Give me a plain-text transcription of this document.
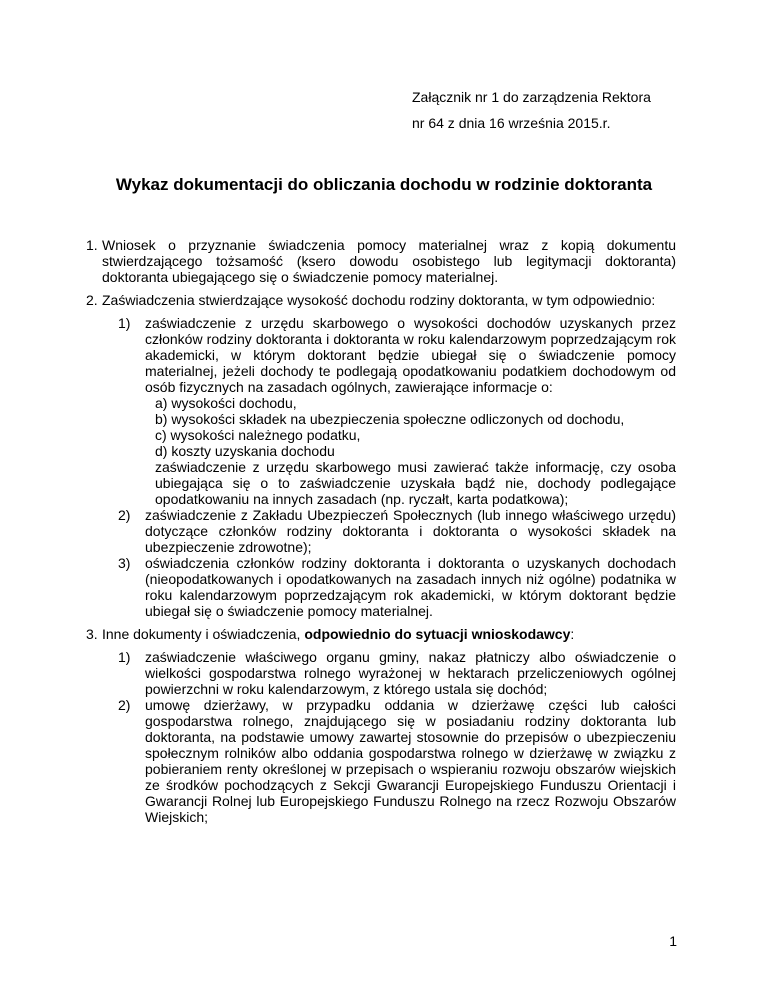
Załącznik nr 1 do zarządzenia Rektora
nr 64 z dnia 16 września 2015.r.
Wykaz dokumentacji do obliczania dochodu w rodzinie doktoranta
1. Wniosek o przyznanie świadczenia pomocy materialnej wraz z kopią dokumentu stwierdzającego tożsamość (ksero dowodu osobistego lub legitymacji doktoranta) doktoranta ubiegającego się o świadczenie pomocy materialnej.
2. Zaświadczenia stwierdzające wysokość dochodu rodziny doktoranta, w tym odpowiednio:
1) zaświadczenie z urzędu skarbowego o wysokości dochodów uzyskanych przez członków rodziny doktoranta i doktoranta w roku kalendarzowym poprzedzającym rok akademicki, w którym doktorant będzie ubiegał się o świadczenie pomocy materialnej, jeżeli dochody te podlegają opodatkowaniu podatkiem dochodowym od osób fizycznych na zasadach ogólnych, zawierające informacje o:
a) wysokości dochodu,
b) wysokości składek na ubezpieczenia społeczne odliczonych od dochodu,
c) wysokości należnego podatku,
d) koszty uzyskania dochodu
zaświadczenie z urzędu skarbowego musi zawierać także informację, czy osoba ubiegająca się o to zaświadczenie uzyskała bądź nie, dochody podlegające opodatkowaniu na innych zasadach (np. ryczałt, karta podatkowa);
2) zaświadczenie z Zakładu Ubezpieczeń Społecznych (lub innego właściwego urzędu) dotyczące członków rodziny doktoranta i doktoranta o wysokości składek na ubezpieczenie zdrowotne);
3) oświadczenia członków rodziny doktoranta i doktoranta o uzyskanych dochodach (nieopodatkowanych i opodatkowanych na zasadach innych niż ogólne) podatnika w roku kalendarzowym poprzedzającym rok akademicki, w którym doktorant będzie ubiegał się o świadczenie pomocy materialnej.
3. Inne dokumenty i oświadczenia, odpowiednio do sytuacji wnioskodawcy:
1) zaświadczenie właściwego organu gminy, nakaz płatniczy albo oświadczenie o wielkości gospodarstwa rolnego wyrażonej w hektarach przeliczeniowych ogólnej powierzchni w roku kalendarzowym, z którego ustala się dochód;
2) umowę dzierżawy, w przypadku oddania w dzierżawę części lub całości gospodarstwa rolnego, znajdującego się w posiadaniu rodziny doktoranta lub doktoranta, na podstawie umowy zawartej stosownie do przepisów o ubezpieczeniu społecznym rolników albo oddania gospodarstwa rolnego w dzierżawę w związku z pobieraniem renty określonej w przepisach o wspieraniu rozwoju obszarów wiejskich ze środków pochodzących z Sekcji Gwarancji Europejskiego Funduszu Orientacji i Gwarancji Rolnej lub Europejskiego Funduszu Rolnego na rzecz Rozwoju Obszarów Wiejskich;
1
